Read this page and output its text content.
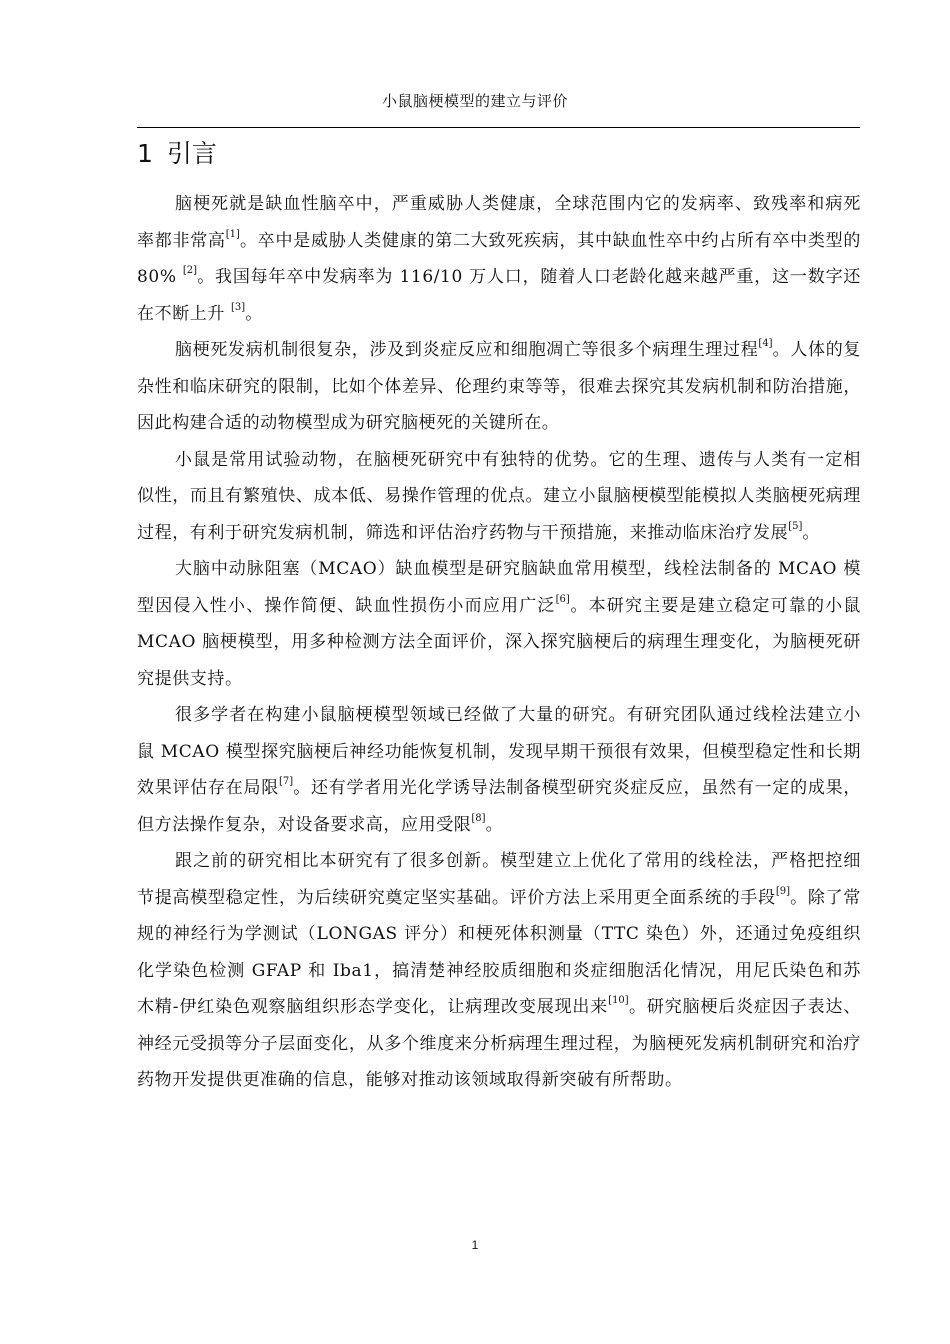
小鼠脑梗模型的建立与评价
1 引言

脑梗死就是缺血性脑卒中，严重威胁人类健康，全球范围内它的发病率、致残率和病死率都非常高[1]。卒中是威胁人类健康的第二大致死疾病，其中缺血性卒中约占所有卒中类型的 80% [2]。我国每年卒中发病率为 116/10 万人口，随着人口老龄化越来越严重，这一数字还在不断上升 [3]。

脑梗死发病机制很复杂，涉及到炎症反应和细胞凋亡等很多个病理生理过程[4]。人体的复杂性和临床研究的限制，比如个体差异、伦理约束等等，很难去探究其发病机制和防治措施，因此构建合适的动物模型成为研究脑梗死的关键所在。

小鼠是常用试验动物，在脑梗死研究中有独特的优势。它的生理、遗传与人类有一定相似性，而且有繁殖快、成本低、易操作管理的优点。建立小鼠脑梗模型能模拟人类脑梗死病理过程，有利于研究发病机制，筛选和评估治疗药物与干预措施，来推动临床治疗发展[5]。

大脑中动脉阻塞（MCAO）缺血模型是研究脑缺血常用模型，线栓法制备的 MCAO 模型因侵入性小、操作简便、缺血性损伤小而应用广泛[6]。本研究主要是建立稳定可靠的小鼠 MCAO 脑梗模型，用多种检测方法全面评价，深入探究脑梗后的病理生理变化，为脑梗死研究提供支持。

很多学者在构建小鼠脑梗模型领域已经做了大量的研究。有研究团队通过线栓法建立小鼠 MCAO 模型探究脑梗后神经功能恢复机制，发现早期干预很有效果，但模型稳定性和长期效果评估存在局限[7]。还有学者用光化学诱导法制备模型研究炎症反应，虽然有一定的成果，但方法操作复杂，对设备要求高，应用受限[8]。

跟之前的研究相比本研究有了很多创新。模型建立上优化了常用的线栓法，严格把控细节提高模型稳定性，为后续研究奠定坚实基础。评价方法上采用更全面系统的手段[9]。除了常规的神经行为学测试（LONGAS 评分）和梗死体积测量（TTC 染色）外，还通过免疫组织化学染色检测 GFAP 和 Iba1，搞清楚神经胶质细胞和炎症细胞活化情况，用尼氏染色和苏木精-伊红染色观察脑组织形态学变化，让病理改变展现出来[10]。研究脑梗后炎症因子表达、神经元受损等分子层面变化，从多个维度来分析病理生理过程，为脑梗死发病机制研究和治疗药物开发提供更准确的信息，能够对推动该领域取得新突破有所帮助。

1
